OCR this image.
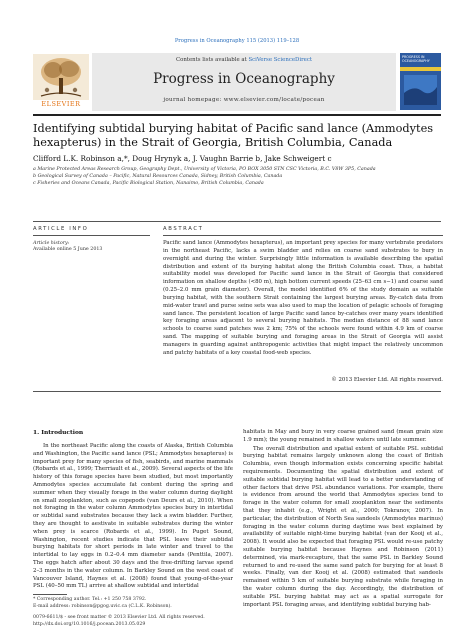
Progress in Oceanography 115 (2013) 119–128
ELSEVIER
Contents lists available at SciVerse ScienceDirect
Progress in Oceanography
journal homepage: www.elsevier.com/locate/pocean
PROGRESS IN OCEANOGRAPHY
Identifying subtidal burying habitat of Pacific sand lance (Ammodytes hexapterus) in the Strait of Georgia, British Columbia, Canada
Clifford L.K. Robinson a,*, Doug Hrynyk a, J. Vaughn Barrie b, Jake Schweigert c
a Marine Protected Areas Research Group, Geography Dept., University of Victoria, PO BOX 3050 STN CSC Victoria, B.C. V8W 3P5, Canada
b Geological Survey of Canada – Pacific, Natural Resources Canada, Sidney, British Columbia, Canada
c Fisheries and Oceans Canada, Pacific Biological Station, Nanaimo, British Columbia, Canada
ARTICLE INFO
Article history:
Available online 5 June 2013
ABSTRACT
Pacific sand lance (Ammodytes hexapterus), an important prey species for many vertebrate predators in the northeast Pacific, lacks a swim bladder and relies on coarse sand substrates to bury in overnight and during the winter. Surprisingly little information is available describing the spatial distribution and extent of its burying habitat along the British Columbia coast. Thus, a habitat suitability model was developed for Pacific sand lance in the Strait of Georgia that considered information on shallow depths (<80 m), high bottom current speeds (25–63 cm s−1) and coarse sand (0.25–2.0 mm grain diameter). Overall, the model identified 6% of the study domain as suitable burying habitat, with the southern Strait containing the largest burying areas. By-catch data from mid-water trawl and purse seine sets was also used to map the location of pelagic schools of foraging sand lance. The persistent location of large Pacific sand lance by-catches over many years identified key foraging areas adjacent to several burying habitats. The median distance of 88 sand lance schools to coarse sand patches was 2 km; 75% of the schools were found within 4.9 km of coarse sand. The mapping of suitable burying and foraging areas in the Strait of Georgia will assist managers in guarding against anthropogenic activities that might impact the relatively uncommon and patchy habitats of a key coastal food-web species.
© 2013 Elsevier Ltd. All rights reserved.
1. Introduction
In the northeast Pacific along the coasts of Alaska, British Columbia and Washington, the Pacific sand lance (PSL; Ammodytes hexapterus) is important prey for many species of fish, seabirds, and marine mammals (Robards et al., 1999; Therriault et al., 2009). Several aspects of the life history of this forage species have been studied, but most importantly Ammodytes species accumulate fat content during the spring and summer when they visually forage in the water column during daylight on small zooplankton, such as copepods (van Deurs et al., 2010). When not foraging in the water column Ammodytes species bury in intertidal or subtidal sand substrates because they lack a swim bladder. Further, they are thought to aestivate in suitable substrates during the winter when prey is scarce (Robards et al., 1999). In Puget Sound, Washington, recent studies indicate that PSL leave their subtidal burying habitats for short periods in late winter and travel to the intertidal to lay eggs in 0.2–0.4 mm diameter sands (Penttila, 2007). The eggs hatch after about 30 days and the free-drifting larvae spend 2–3 months in the water column. In Barkley Sound on the west coast of Vancouver Island, Haynes et al. (2008) found that young-of-the-year PSL (40–50 mm TL) arrive at shallow subtidal and intertidal
habitats in May and bury in very coarse grained sand (mean grain size 1.9 mm); the young remained in shallow waters until late summer.
The overall distribution and spatial extent of suitable PSL subtidal burying habitat remains largely unknown along the coast of British Columbia, even though information exists concerning specific habitat requirements. Documenting the spatial distribution and extent of suitable subtidal burying habitat will lead to a better understanding of other factors that drive PSL abundance variations. For example, there is evidence from around the world that Ammodytes species tend to forage in the water column for small zooplankton near the sediments that they inhabit (e.g., Wright et al., 2000; Tokranov, 2007). In particular, the distribution of North Sea sandeels (Ammodytes marinus) foraging in the water column during daytime was best explained by availability of suitable night-time burying habitat (van der Kooij et al., 2008). It would also be expected that foraging PSL would re-use patchy suitable burying habitat because Haynes and Robinson (2011) determined, via mark-recapture, that the same PSL in Barkley Sound returned to and re-used the same sand patch for burying for at least 8 weeks. Finally, van der Kooij et al. (2008) estimated that sandeels remained within 5 km of suitable burying substrate while foraging in the water column during the day. Accordingly, the distribution of suitable PSL burying habitat may act as a spatial surrogate for important PSL foraging areas, and identifying subtidal burying hab-
* Corresponding author. Tel.: +1 250 758 3792.
E-mail address: robinson@pgog.uvic.ca (C.L.K. Robinson).
0079-6611/$ - see front matter © 2013 Elsevier Ltd. All rights reserved.
http://dx.doi.org/10.1016/j.pocean.2013.05.029
